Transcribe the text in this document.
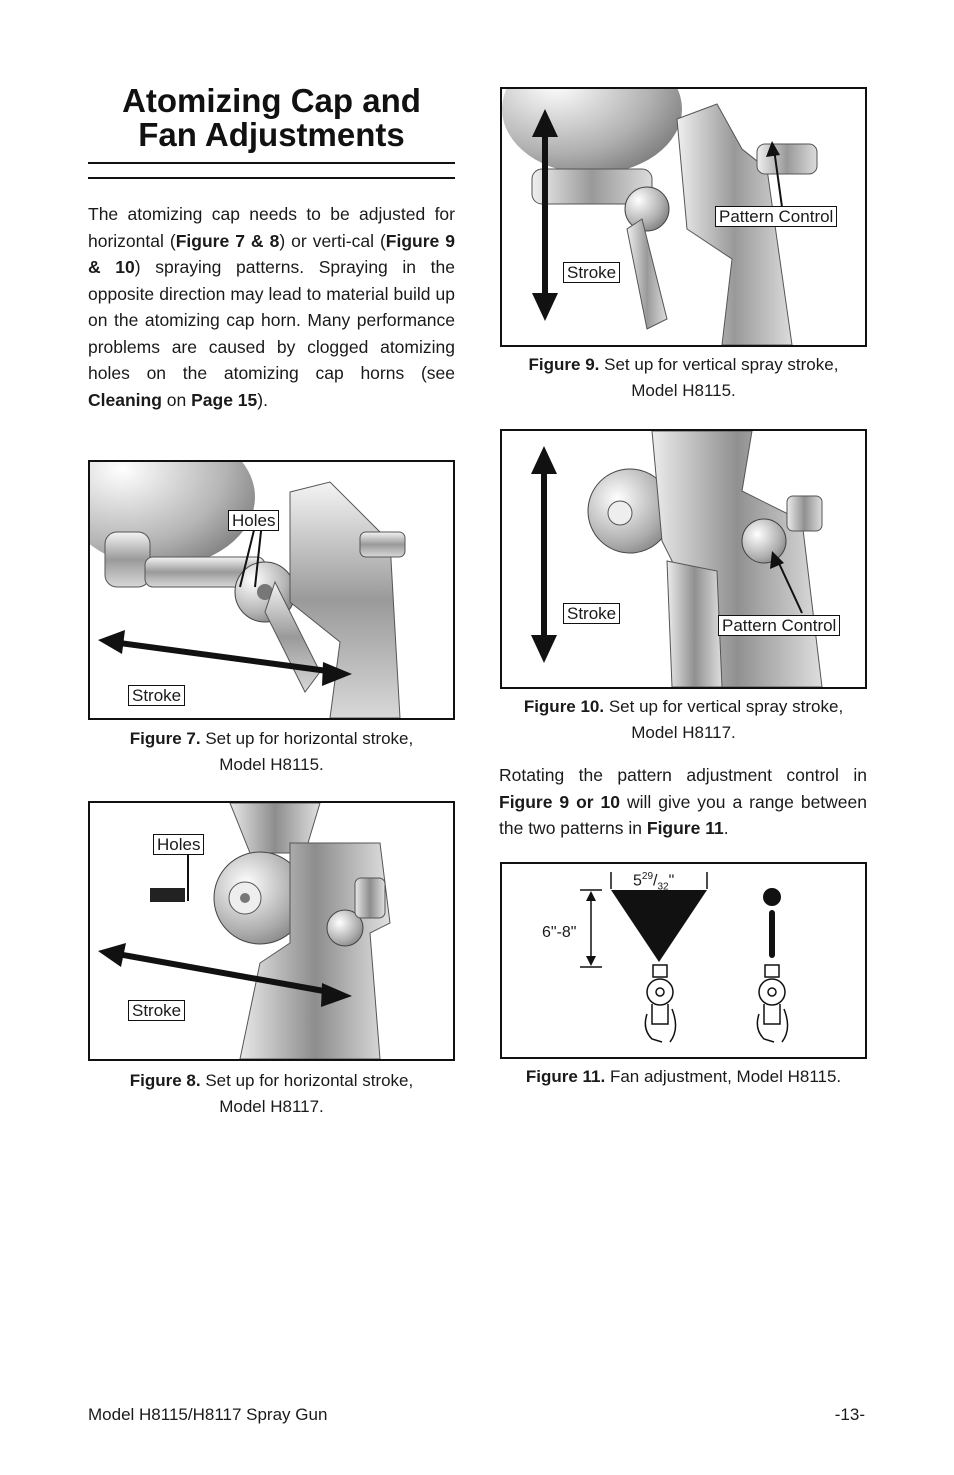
Atomizing Cap and
Fan Adjustments

The atomizing cap needs to be adjusted for horizontal (Figure 7 & 8) or verti-cal (Figure 9 & 10) spraying patterns. Spraying in the opposite direction may lead to material build up on the atomizing cap horn. Many performance problems are caused by clogged atomizing holes on the atomizing cap horns (see Cleaning on Page 15).

Holes
Stroke

Figure 7. Set up for horizontal stroke,
Model H8115.

Holes
Stroke

Figure 8. Set up for horizontal stroke,
Model H8117.

Pattern Control
Stroke

Figure 9. Set up for vertical spray stroke,
Model H8115.

Pattern Control
Stroke

Figure 10. Set up for vertical spray stroke,
Model H8117.

Rotating the pattern adjustment control in Figure 9 or 10 will give you a range between the two patterns in Figure 11.

$5^{29}/_{32}$"
6"-8"

Figure 11. Fan adjustment, Model H8115.

Model H8115/H8117 Spray Gun	-13-
